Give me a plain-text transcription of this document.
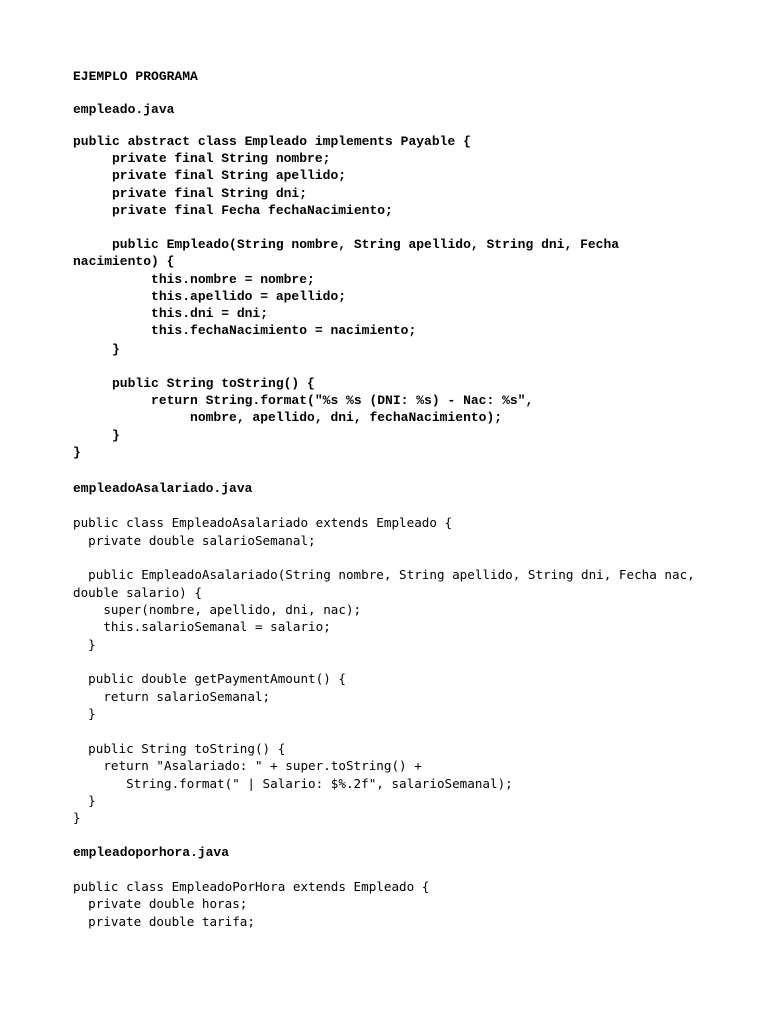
EJEMPLO PROGRAMA
empleado.java
public abstract class Empleado implements Payable {
private final String nombre;
private final String apellido;
private final String dni;
private final Fecha fechaNacimiento;
public Empleado(String nombre, String apellido, String dni, Fecha
nacimiento) {
this.nombre = nombre;
this.apellido = apellido;
this.dni = dni;
this.fechaNacimiento = nacimiento;
}
public String toString() {
return String.format("%s %s (DNI: %s) - Nac: %s",
nombre, apellido, dni, fechaNacimiento);
}
}
empleadoAsalariado.java
public class EmpleadoAsalariado extends Empleado {
private double salarioSemanal;
public EmpleadoAsalariado(String nombre, String apellido, String dni, Fecha nac,
double salario) {
super(nombre, apellido, dni, nac);
this.salarioSemanal = salario;
}
public double getPaymentAmount() {
return salarioSemanal;
}
public String toString() {
return "Asalariado: " + super.toString() +
String.format(" | Salario: $%.2f", salarioSemanal);
}
}
empleadoporhora.java
public class EmpleadoPorHora extends Empleado {
private double horas;
private double tarifa;
